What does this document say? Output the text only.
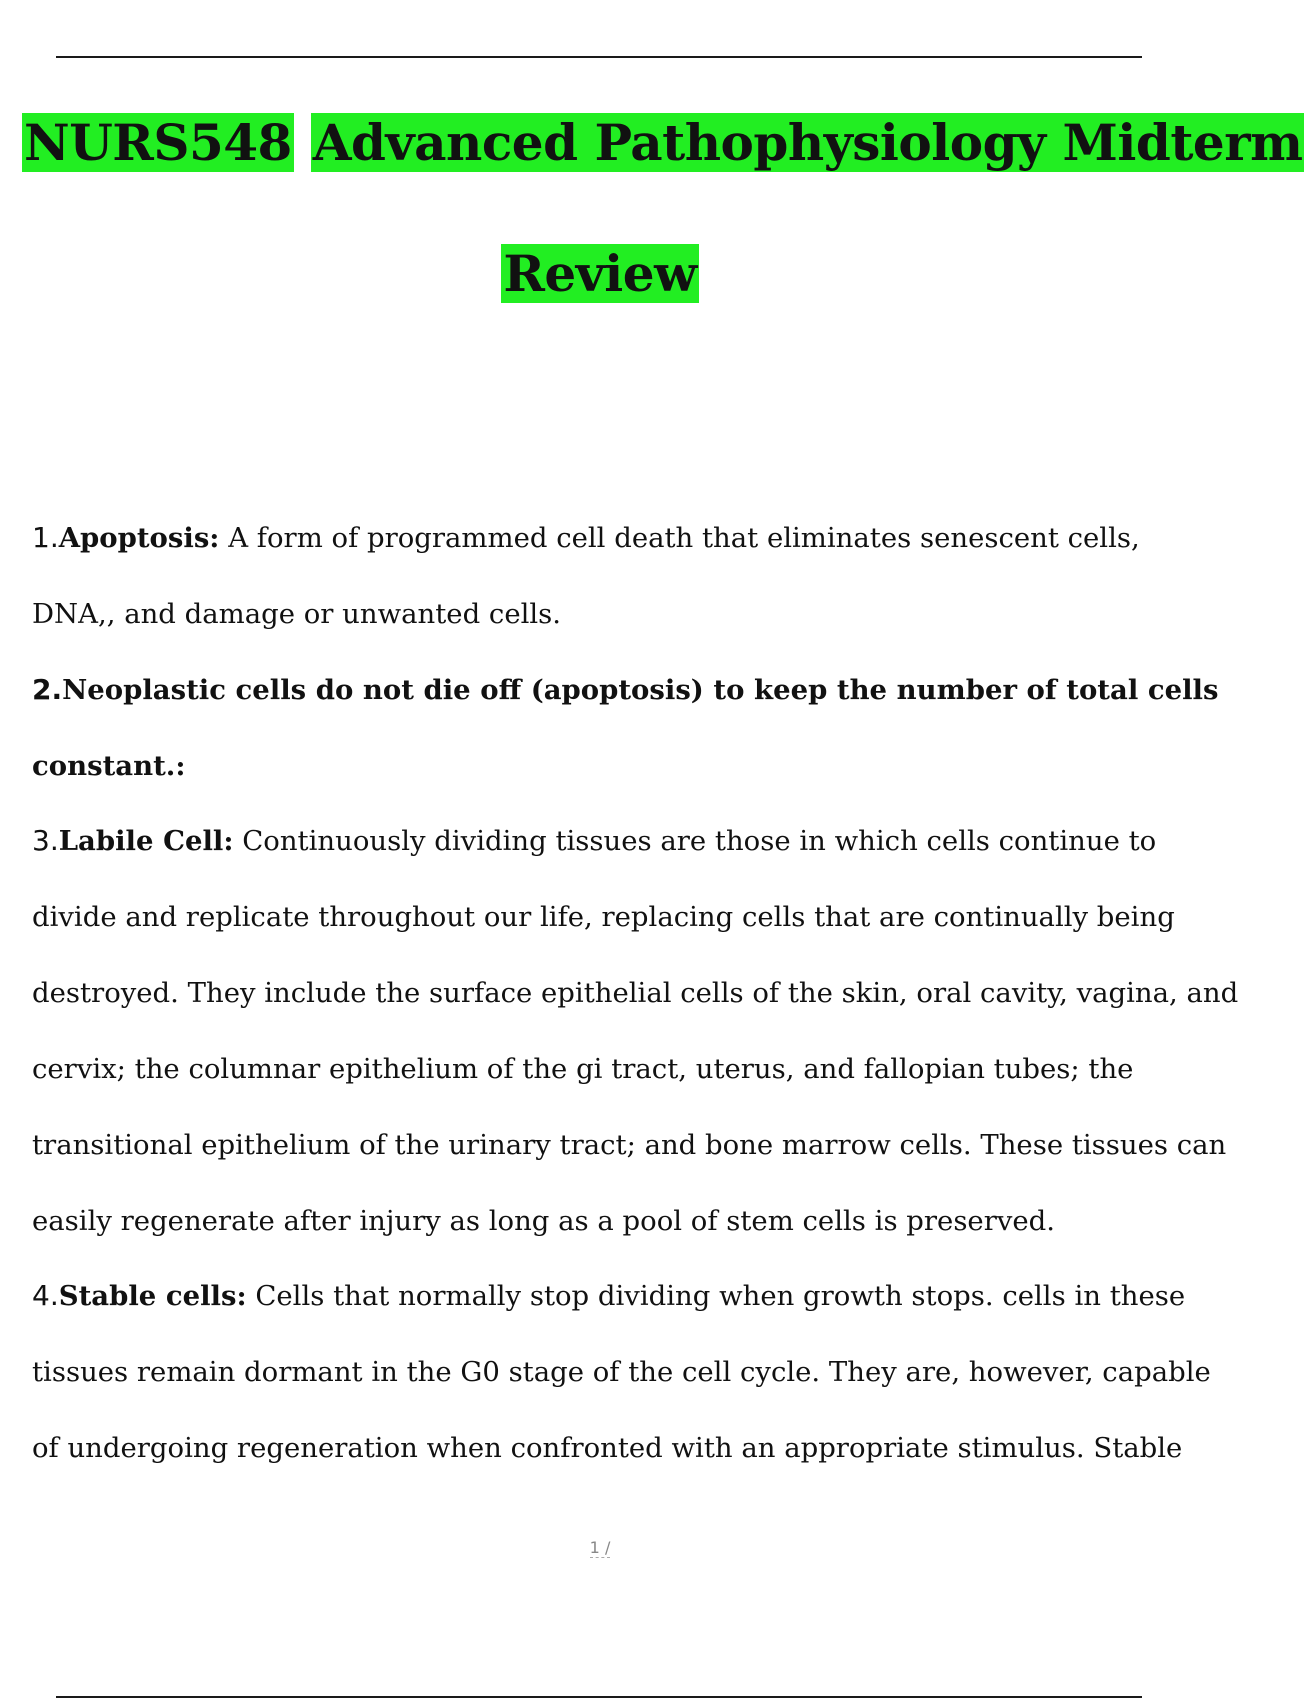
NURS548 Advanced Pathophysiology Midterm
Review
1.Apoptosis: A form of programmed cell death that eliminates senescent cells,
DNA,, and damage or unwanted cells.
2.Neoplastic cells do not die off (apoptosis) to keep the number of total cells
constant.:
3.Labile Cell: Continuously dividing tissues are those in which cells continue to
divide and replicate throughout our life, replacing cells that are continually being
destroyed. They include the surface epithelial cells of the skin, oral cavity, vagina, and
cervix; the columnar epithelium of the gi tract, uterus, and fallopian tubes; the
transitional epithelium of the urinary tract; and bone marrow cells. These tissues can
easily regenerate after injury as long as a pool of stem cells is preserved.
4.Stable cells: Cells that normally stop dividing when growth stops. cells in these
tissues remain dormant in the G0 stage of the cell cycle. They are, however, capable
of undergoing regeneration when confronted with an appropriate stimulus. Stable
1 /
